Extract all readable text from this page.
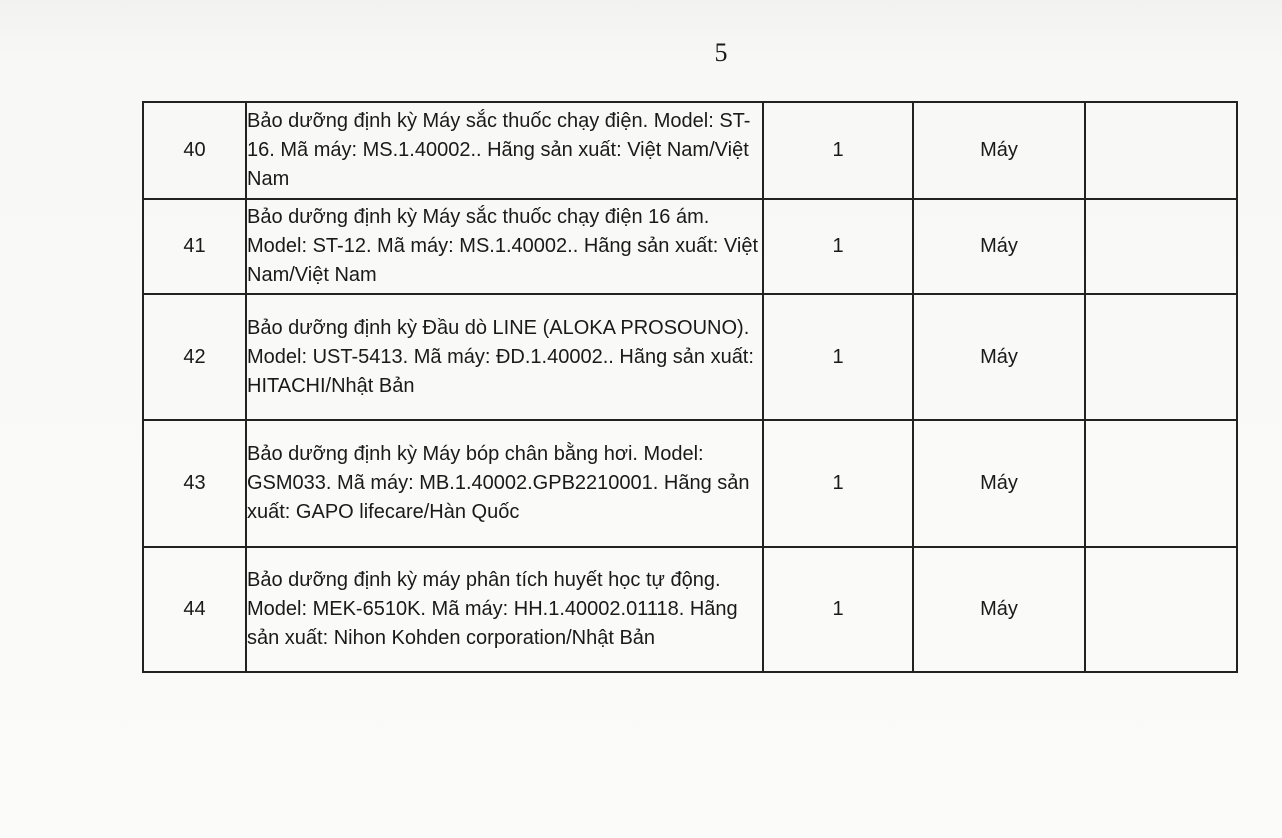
5
40	Bảo dưỡng định kỳ Máy sắc thuốc chạy điện. Model: ST-16. Mã máy: MS.1.40002.. Hãng sản xuất: Việt Nam/Việt Nam	1	Máy	
41	Bảo dưỡng định kỳ Máy sắc thuốc chạy điện 16 ám. Model: ST-12. Mã máy: MS.1.40002.. Hãng sản xuất: Việt Nam/Việt Nam	1	Máy	
42	Bảo dưỡng định kỳ Đầu dò LINE (ALOKA PROSOUNO). Model: UST-5413. Mã máy: ĐD.1.40002.. Hãng sản xuất: HITACHI/Nhật Bản	1	Máy	
43	Bảo dưỡng định kỳ Máy bóp chân bằng hơi. Model: GSM033. Mã máy: MB.1.40002.GPB2210001. Hãng sản xuất: GAPO lifecare/Hàn Quốc	1	Máy	
44	Bảo dưỡng định kỳ máy phân tích huyết học tự động. Model: MEK-6510K. Mã máy: HH.1.40002.01118. Hãng sản xuất: Nihon Kohden corporation/Nhật Bản	1	Máy	
